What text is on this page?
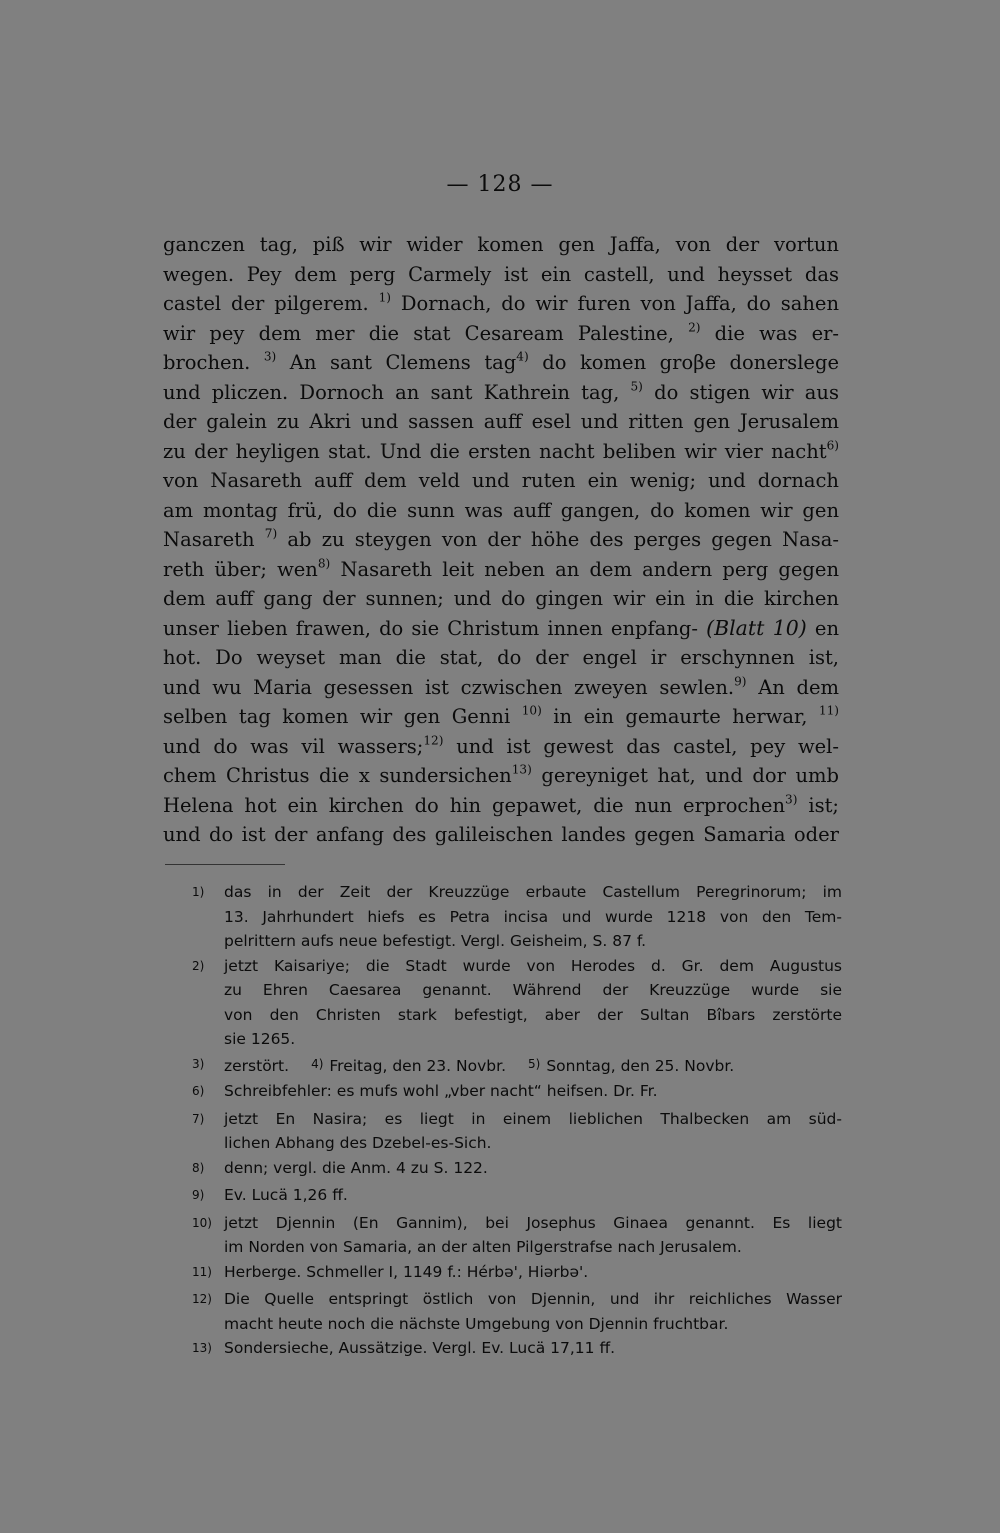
— 128 —
ganczen tag, piß wir wider komen gen Jaffa, von der vortun
wegen. Pey dem perg Carmely ist ein castell, und heysset das
castel der pilgerem. $^{1)}$ Dornach, do wir furen von Jaffa, do sahen
wir pey dem mer die stat Cesaream Palestine, $^{2)}$ die was er-
brochen. $^{3)}$ An sant Clemens tag$^{4)}$ do komen groβe donerslege
und pliczen. Dornoch an sant Kathrein tag, $^{5)}$ do stigen wir aus
der galein zu Akri und sassen auff esel und ritten gen Jerusalem
zu der heyligen stat. Und die ersten nacht beliben wir vier nacht$^{6)}$
von Nasareth auff dem veld und ruten ein wenig; und dornach
am montag frü, do die sunn was auff gangen, do komen wir gen
Nasareth $^{7)}$ ab zu steygen von der höhe des perges gegen Nasa-
reth über; wen$^{8)}$ Nasareth leit neben an dem andern perg gegen
dem auff gang der sunnen; und do gingen wir ein in die kirchen
unser lieben frawen, do sie Christum innen enpfang- (Blatt 10) en
hot. Do weyset man die stat, do der engel ir erschynnen ist,
und wu Maria gesessen ist czwischen zweyen sewlen.$^{9)}$ An dem
selben tag komen wir gen Genni $^{10)}$ in ein gemaurte herwar, $^{11)}$
und do was vil wassers;$^{12)}$ und ist gewest das castel, pey wel-
chem Christus die x sundersichen$^{13)}$ gereyniget hat, und dor umb
Helena hot ein kirchen do hin gepawet, die nun erprochen$^{3)}$ ist;
und do ist der anfang des galileischen landes gegen Samaria oder
1)	das in der Zeit der Kreuzzüge erbaute Castellum Peregrinorum; im
13. Jahrhundert hiefs es Petra incisa und wurde 1218 von den Tem-
pelrittern aufs neue befestigt. Vergl. Geisheim, S. 87 f.
2)	jetzt Kaisariye; die Stadt wurde von Herodes d. Gr. dem Augustus
zu Ehren Caesarea genannt. Während der Kreuzzüge wurde sie
von den Christen stark befestigt, aber der Sultan Bîbars zerstörte
sie 1265.
3)	zerstört. 4) Freitag, den 23. Novbr. 5) Sonntag, den 25. Novbr.
6)	Schreibfehler: es mufs wohl „vber nacht“ heifsen. Dr. Fr.
7)	jetzt En Nasira; es liegt in einem lieblichen Thalbecken am süd-
lichen Abhang des Dzebel-es-Sich.
8)	denn; vergl. die Anm. 4 zu S. 122.
9)	Ev. Lucä 1,26 ff.
10) jetzt Djennin (En Gannim), bei Josephus Ginaea genannt. Es liegt
im Norden von Samaria, an der alten Pilgerstrafse nach Jerusalem.
11) Herberge. Schmeller I, 1149 f.: Hérbə', Hiərbə'.
12) Die Quelle entspringt östlich von Djennin, und ihr reichliches Wasser
macht heute noch die nächste Umgebung von Djennin fruchtbar.
13) Sondersieche, Aussätzige. Vergl. Ev. Lucä 17,11 ff.
